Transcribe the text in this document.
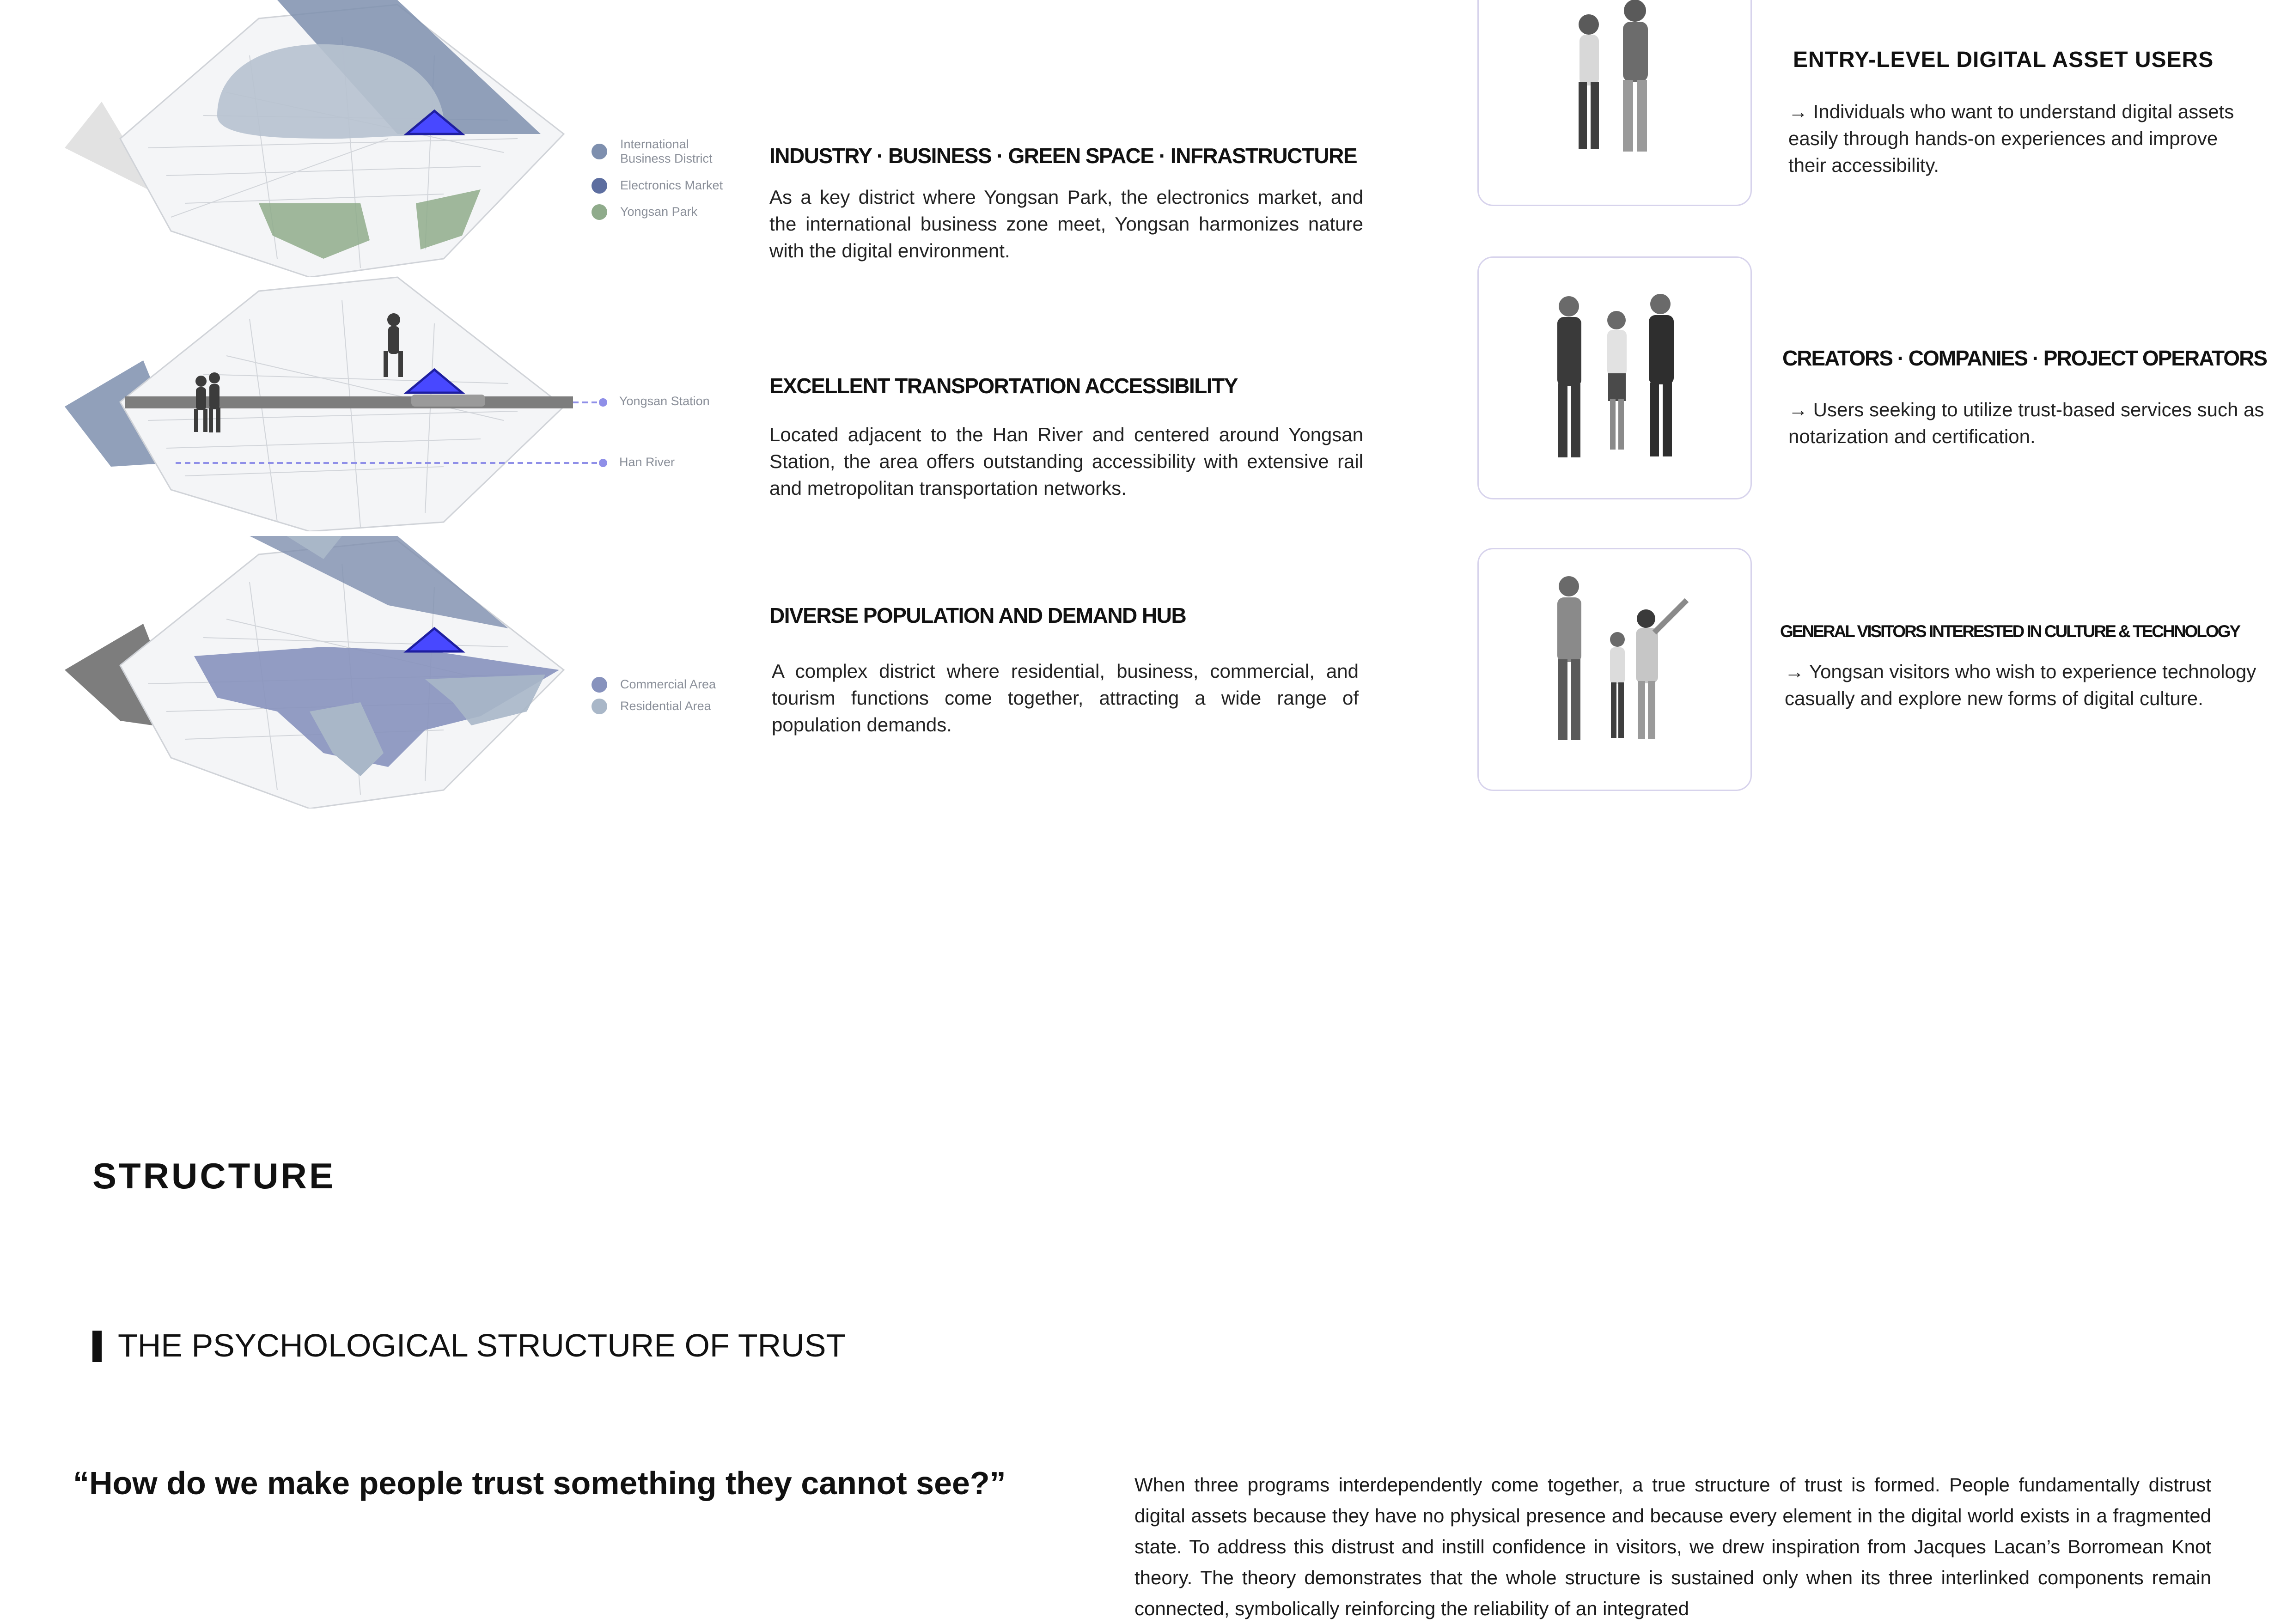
International Business District
Electronics Market
Yongsan Park
INDUSTRY · BUSINESS · GREEN SPACE · INFRASTRUCTURE
As a key district where Yongsan Park, the electronics market, and the international business zone meet, Yongsan harmonizes nature with the digital environment.
Yongsan Station
Han River
EXCELLENT TRANSPORTATION ACCESSIBILITY
Located adjacent to the Han River and centered around Yongsan Station, the area offers outstanding accessibility with extensive rail and metropolitan transportation networks.
Commercial Area
Residential Area
DIVERSE POPULATION AND DEMAND HUB
A complex district where residential, business, commercial, and tourism functions come together, attracting a wide range of population demands.
ENTRY-LEVEL DIGITAL ASSET USERS
→ Individuals who want to understand digital assets easily through hands-on experiences and improve their accessibility.
CREATORS · COMPANIES · PROJECT OPERATORS
→ Users seeking to utilize trust-based services such as notarization and certification.
GENERAL VISITORS INTERESTED IN CULTURE & TECHNOLOGY
→ Yongsan visitors who wish to experience technology casually and explore new forms of digital culture.
STRUCTURE
THE PSYCHOLOGICAL STRUCTURE OF TRUST
“How do we make people trust something they cannot see?”	When three programs interdependently come together, a true structure of trust is formed. People fundamentally distrust digital assets because they have no physical presence and because every element in the digital world exists in a fragmented state. To address this distrust and instill confidence in visitors, we drew inspiration from Jacques Lacan’s Borromean Knot theory. The theory demonstrates that the whole structure is sustained only when its three interlinked components remain connected, symbolically reinforcing the reliability of an integrated
